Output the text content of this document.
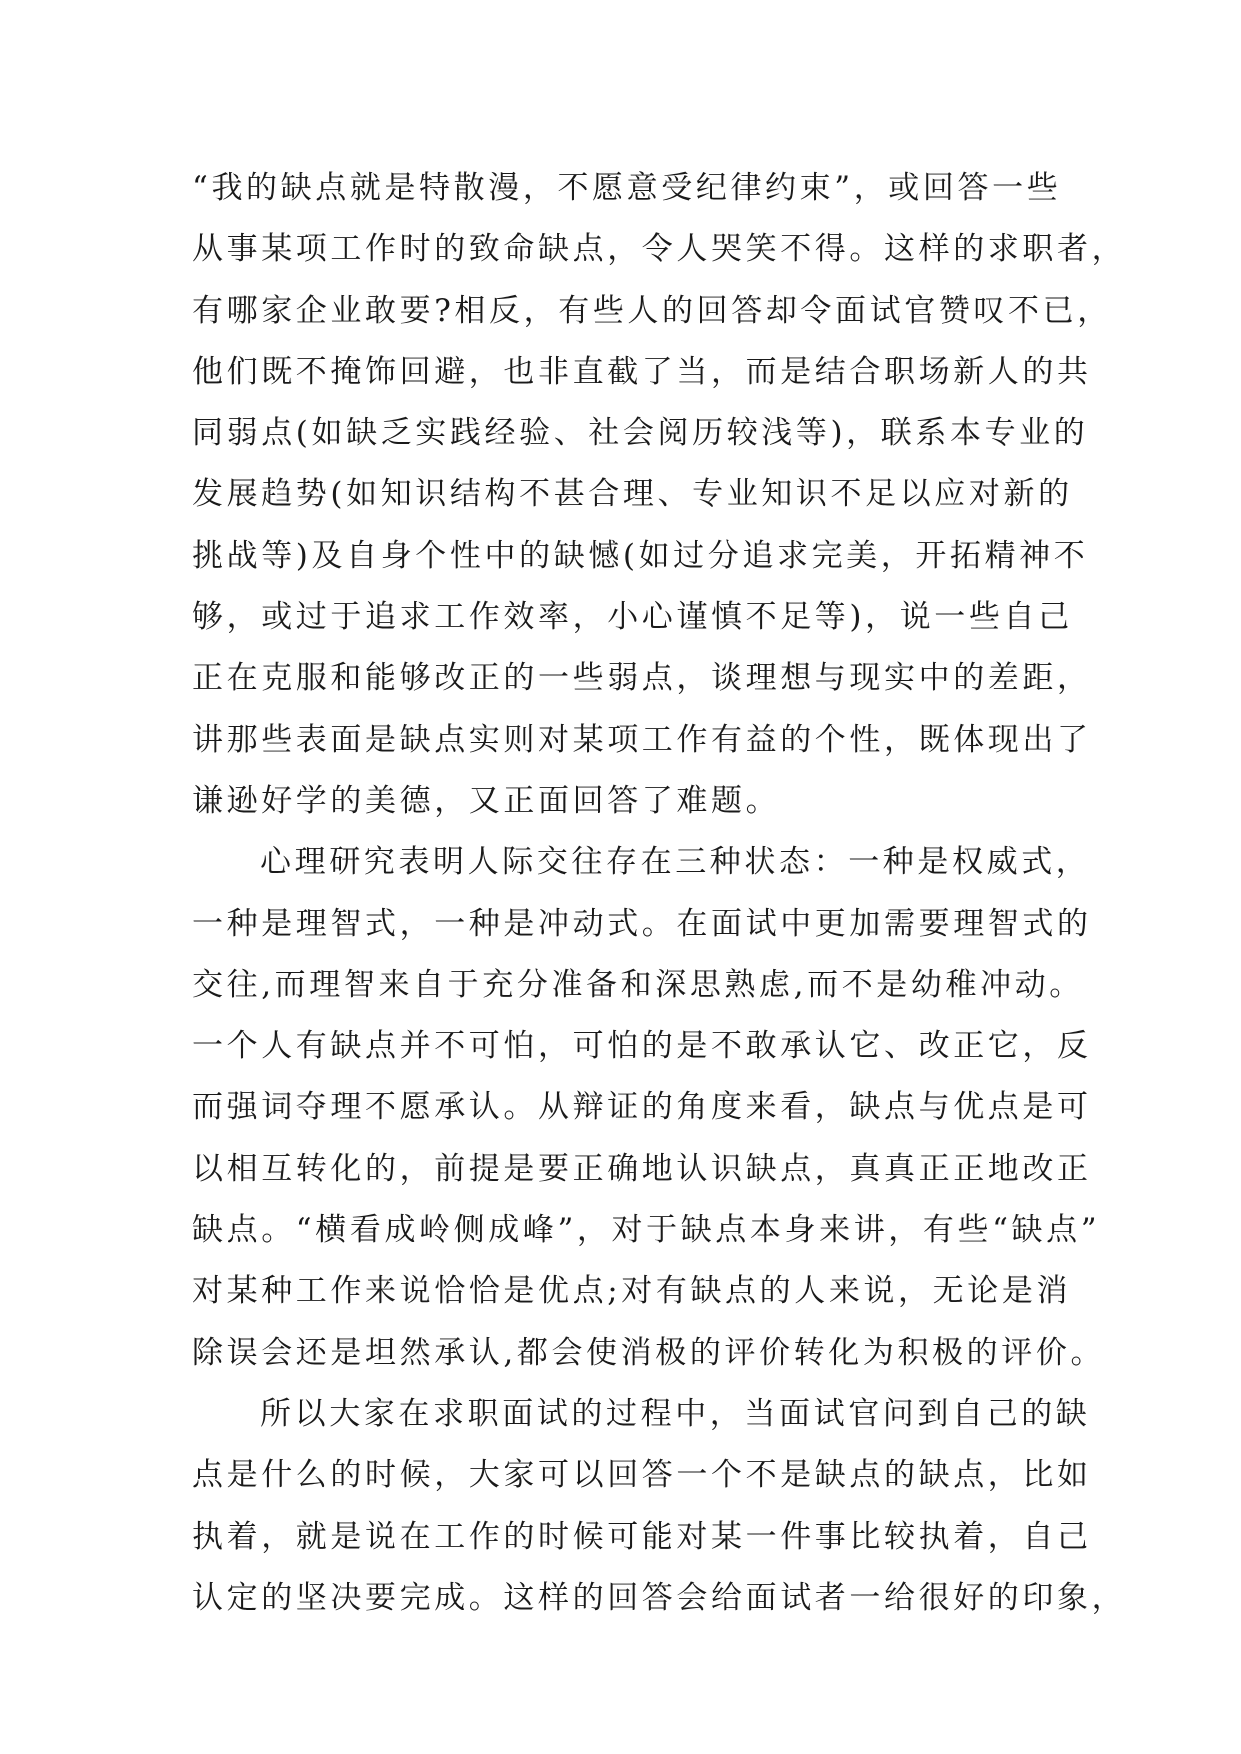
“我的缺点就是特散漫，不愿意受纪律约束”，或回答一些
从事某项工作时的致命缺点，令人哭笑不得。这样的求职者，
有哪家企业敢要?相反，有些人的回答却令面试官赞叹不已，
他们既不掩饰回避，也非直截了当，而是结合职场新人的共
同弱点(如缺乏实践经验、社会阅历较浅等)，联系本专业的
发展趋势(如知识结构不甚合理、专业知识不足以应对新的
挑战等)及自身个性中的缺憾(如过分追求完美，开拓精神不
够，或过于追求工作效率，小心谨慎不足等)，说一些自己
正在克服和能够改正的一些弱点，谈理想与现实中的差距，
讲那些表面是缺点实则对某项工作有益的个性，既体现出了
谦逊好学的美德，又正面回答了难题。
心理研究表明人际交往存在三种状态：一种是权威式，
一种是理智式，一种是冲动式。在面试中更加需要理智式的
交往,而理智来自于充分准备和深思熟虑,而不是幼稚冲动。
一个人有缺点并不可怕，可怕的是不敢承认它、改正它，反
而强词夺理不愿承认。从辩证的角度来看，缺点与优点是可
以相互转化的，前提是要正确地认识缺点，真真正正地改正
缺点。“横看成岭侧成峰”，对于缺点本身来讲，有些“缺点”
对某种工作来说恰恰是优点;对有缺点的人来说，无论是消
除误会还是坦然承认,都会使消极的评价转化为积极的评价。
所以大家在求职面试的过程中，当面试官问到自己的缺
点是什么的时候，大家可以回答一个不是缺点的缺点，比如
执着，就是说在工作的时候可能对某一件事比较执着，自己
认定的坚决要完成。这样的回答会给面试者一给很好的印象，
